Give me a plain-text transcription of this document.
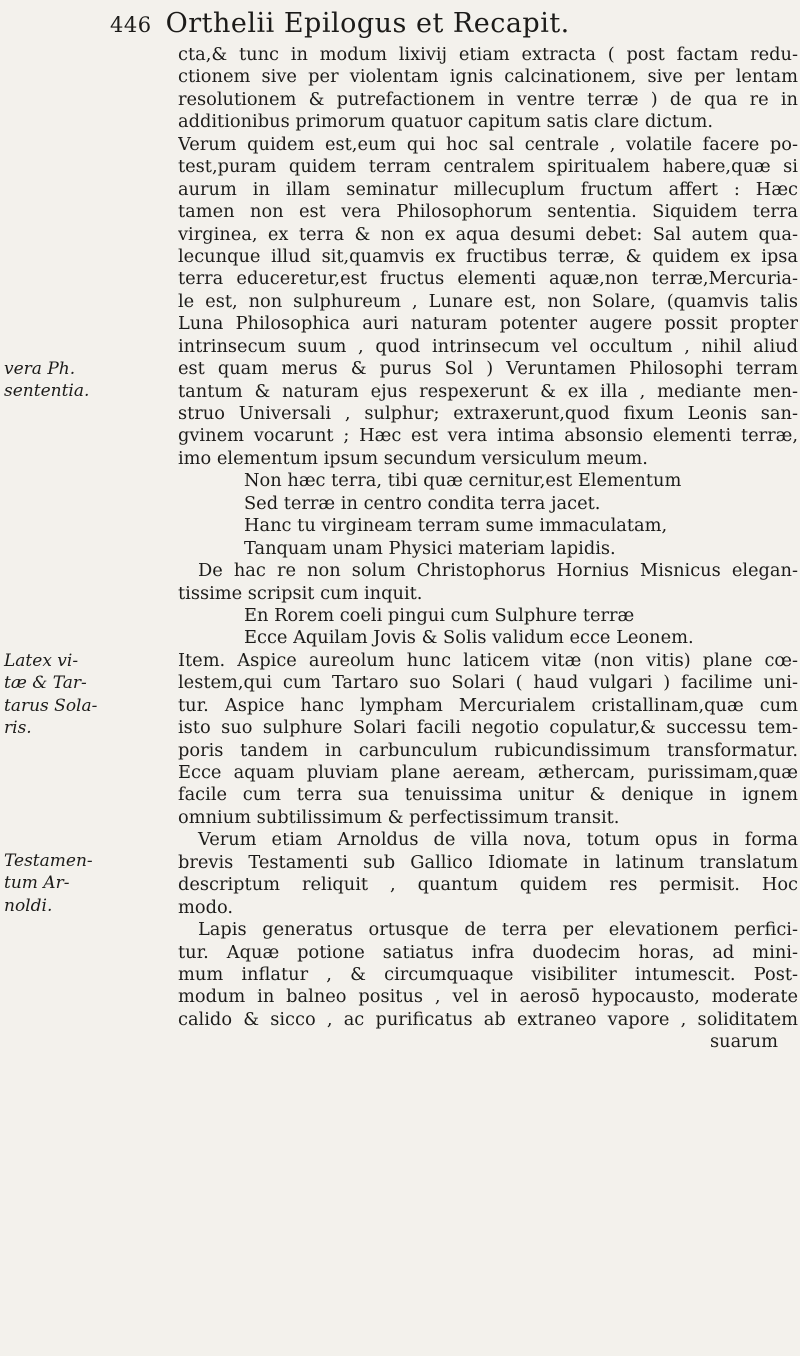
446 Orthelii Epilogus et Recapit.
vera Ph.
sententia.
Latex vi-
tæ & Tar-
tarus Sola-
ris.
Testamen-
tum Ar-
noldi.
cta,& tunc in modum lixivij etiam extracta ( post factam redu-
ctionem sive per violentam ignis calcinationem, sive per lentam
resolutionem & putrefactionem in ventre terræ ) de qua re in
additionibus primorum quatuor capitum satis clare dictum.
Verum quidem est,eum qui hoc sal centrale , volatile facere po-
test,puram quidem terram centralem spiritualem habere,quæ si
aurum in illam seminatur millecuplum fructum affert : Hæc
tamen non est vera Philosophorum sententia. Siquidem terra
virginea, ex terra & non ex aqua desumi debet: Sal autem qua-
lecunque illud sit,quamvis ex fructibus terræ, & quidem ex ipsa
terra educeretur,est fructus elementi aquæ,non terræ,Mercuria-
le est, non sulphureum , Lunare est, non Solare, (quamvis talis
Luna Philosophica auri naturam potenter augere possit propter
intrinsecum suum , quod intrinsecum vel occultum , nihil aliud
est quam merus & purus Sol ) Veruntamen Philosophi terram
tantum & naturam ejus respexerunt & ex illa , mediante men-
struo Universali , sulphur; extraxerunt,quod fixum Leonis san-
gvinem vocarunt ; Hæc est vera intima absonsio elementi terræ,
imo elementum ipsum secundum versiculum meum.
Non hæc terra, tibi quæ cernitur,est Elementum
Sed terræ in centro condita terra jacet.
Hanc tu virgineam terram sume immaculatam,
Tanquam unam Physici materiam lapidis.
De hac re non solum Christophorus Hornius Misnicus elegan-
tissime scripsit cum inquit.
En Rorem coeli pingui cum Sulphure terræ
Ecce Aquilam Jovis & Solis validum ecce Leonem.
Item. Aspice aureolum hunc laticem vitæ (non vitis) plane cœ-
lestem,qui cum Tartaro suo Solari ( haud vulgari ) facilime uni-
tur. Aspice hanc lympham Mercurialem cristallinam,quæ cum
isto suo sulphure Solari facili negotio copulatur,& successu tem-
poris tandem in carbunculum rubicundissimum transformatur.
Ecce aquam pluviam plane aeream, æthercam, purissimam,quæ
facile cum terra sua tenuissima unitur & denique in ignem
omnium subtilissimum & perfectissimum transit.
Verum etiam Arnoldus de villa nova, totum opus in forma
brevis Testamenti sub Gallico Idiomate in latinum translatum
descriptum reliquit , quantum quidem res permisit. Hoc
modo.
Lapis generatus ortusque de terra per elevationem perfici-
tur. Aquæ potione satiatus infra duodecim horas, ad mini-
mum inflatur , & circumquaque visibiliter intumescit. Post-
modum in balneo positus , vel in aerosō hypocausto, moderate
calido & sicco , ac purificatus ab extraneo vapore , soliditatem
suarum
